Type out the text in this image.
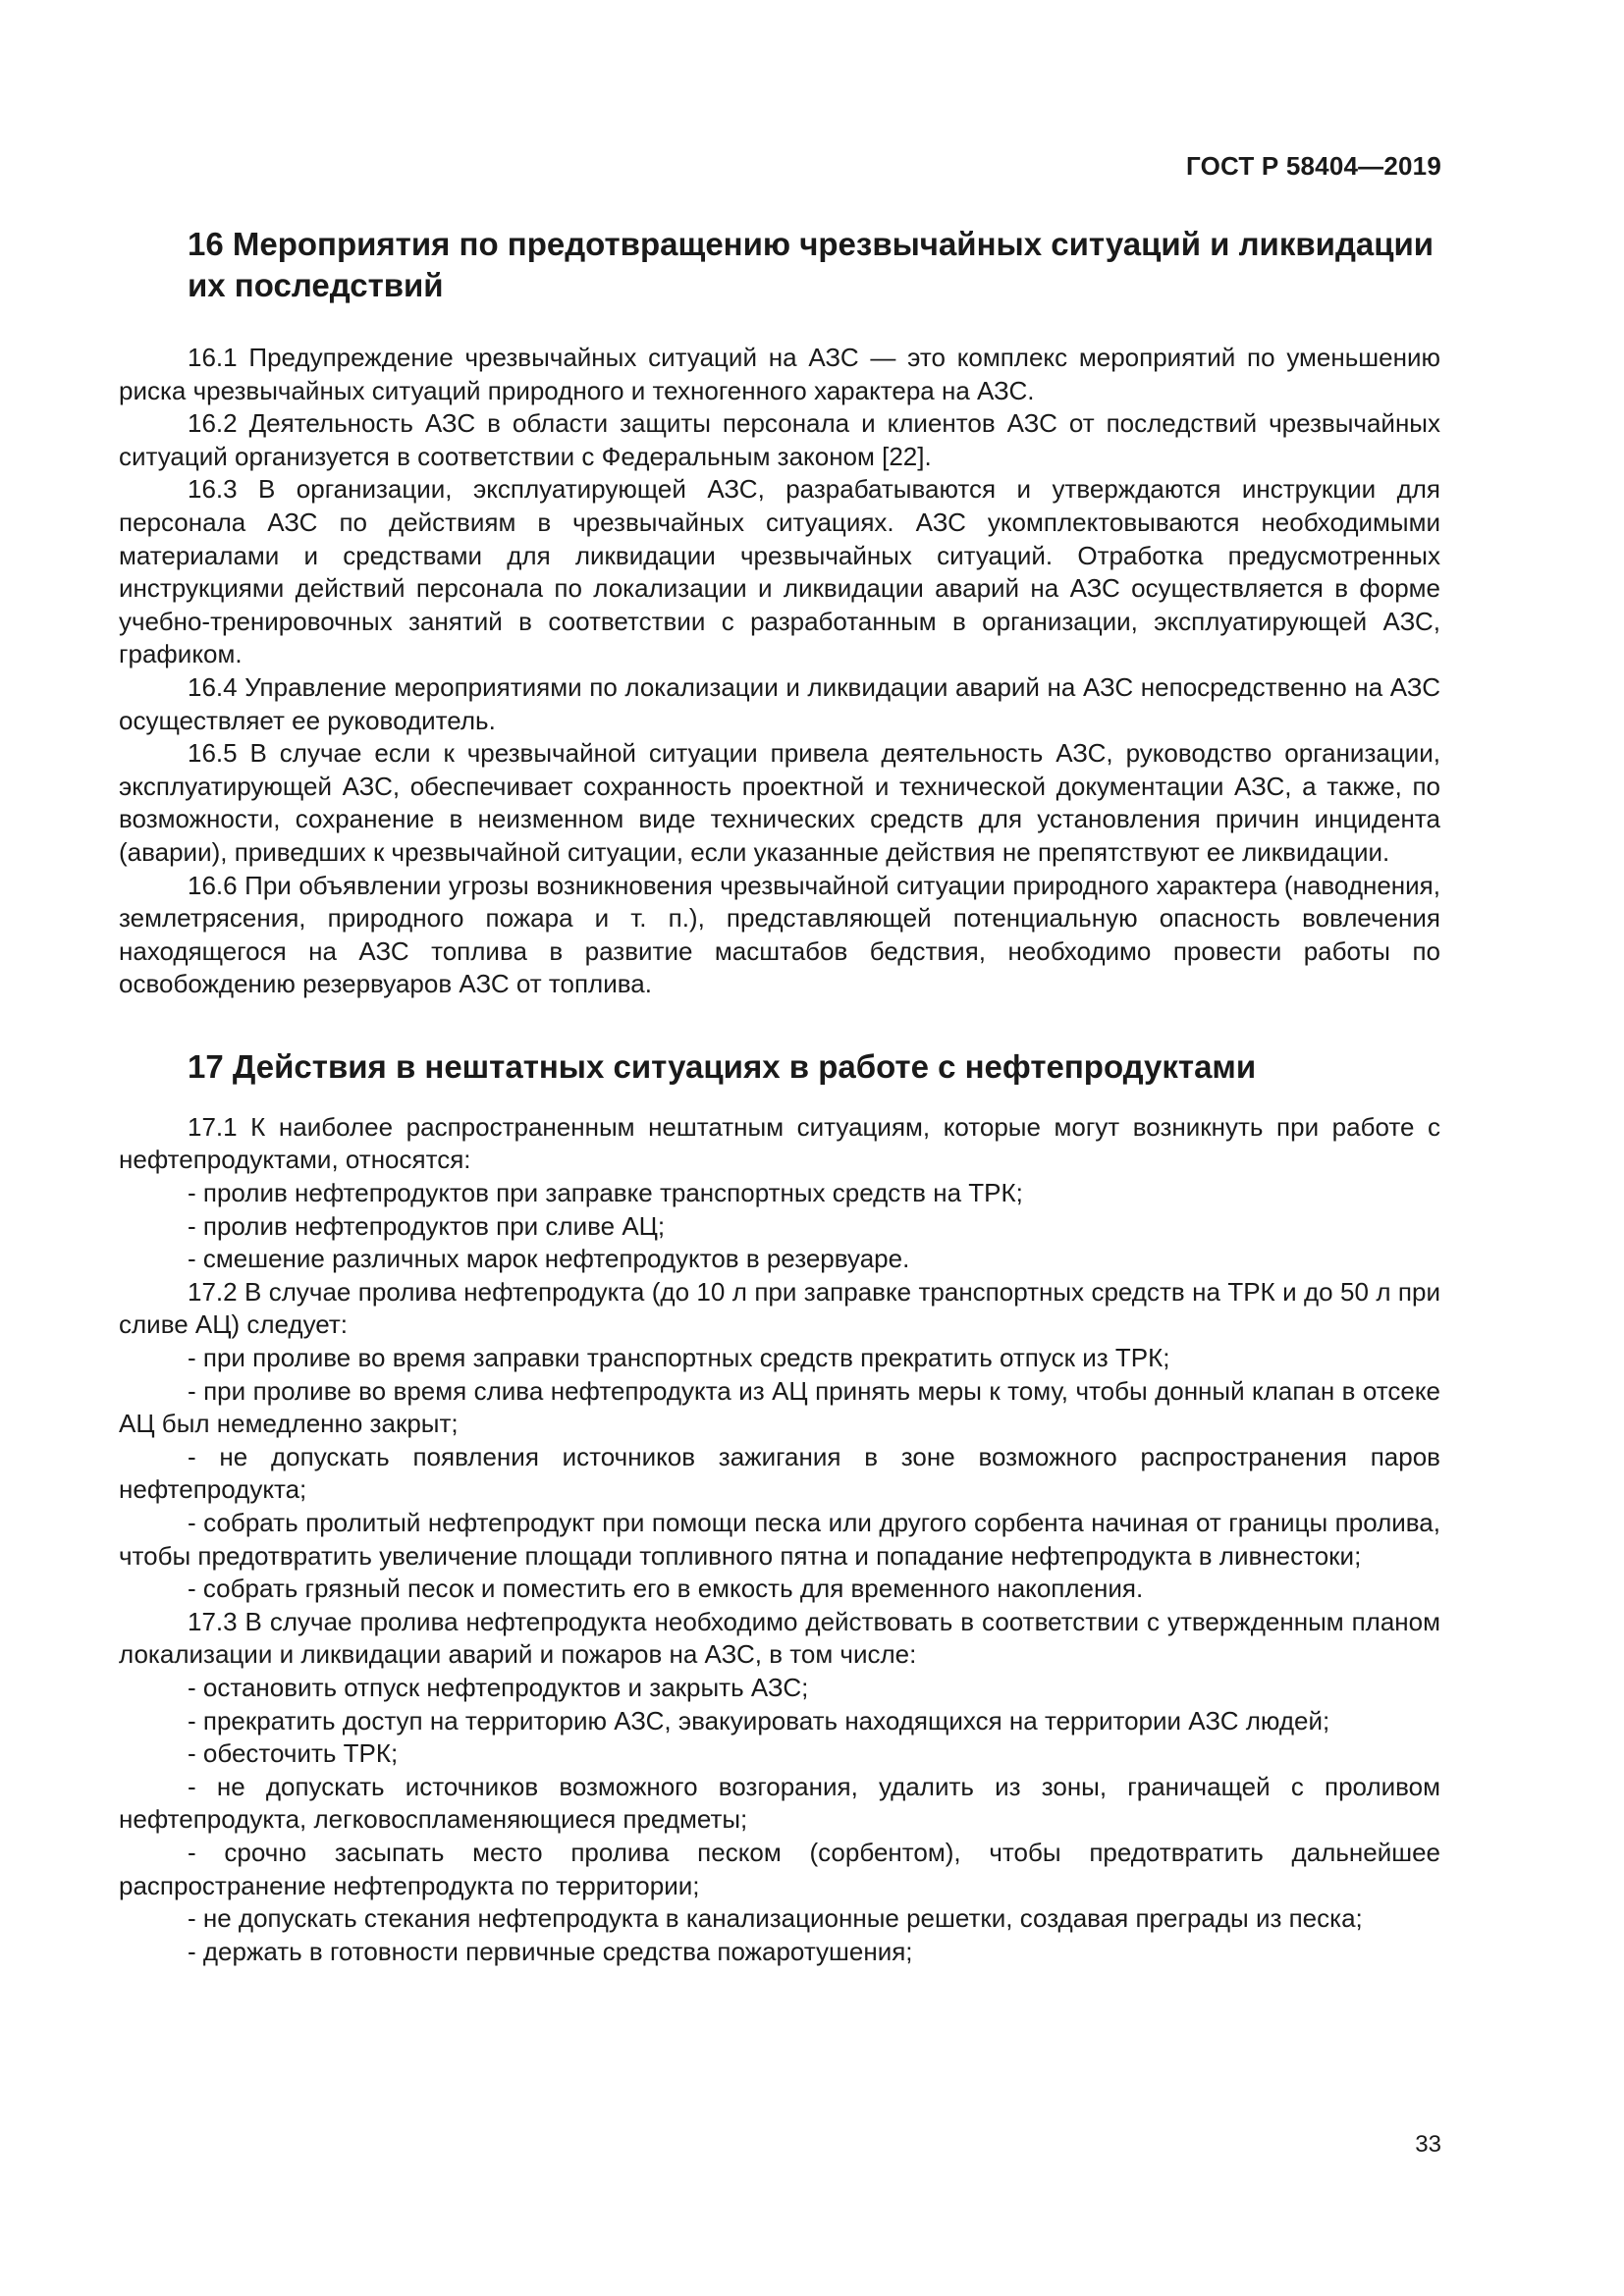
ГОСТ Р 58404—2019
16 Мероприятия по предотвращению чрезвычайных ситуаций и ликвидации их последствий

16.1 Предупреждение чрезвычайных ситуаций на АЗС — это комплекс мероприятий по уменьшению риска чрезвычайных ситуаций природного и техногенного характера на АЗС.

16.2 Деятельность АЗС в области защиты персонала и клиентов АЗС от последствий чрезвычайных ситуаций организуется в соответствии с Федеральным законом [22].

16.3 В организации, эксплуатирующей АЗС, разрабатываются и утверждаются инструкции для персонала АЗС по действиям в чрезвычайных ситуациях. АЗС укомплектовываются необходимыми материалами и средствами для ликвидации чрезвычайных ситуаций. Отработка предусмотренных инструкциями действий персонала по локализации и ликвидации аварий на АЗС осуществляется в форме учебно-тренировочных занятий в соответствии с разработанным в организации, эксплуатирующей АЗС, графиком.

16.4 Управление мероприятиями по локализации и ликвидации аварий на АЗС непосредственно на АЗС осуществляет ее руководитель.

16.5 В случае если к чрезвычайной ситуации привела деятельность АЗС, руководство организации, эксплуатирующей АЗС, обеспечивает сохранность проектной и технической документации АЗС, а также, по возможности, сохранение в неизменном виде технических средств для установления причин инцидента (аварии), приведших к чрезвычайной ситуации, если указанные действия не препятствуют ее ликвидации.

16.6 При объявлении угрозы возникновения чрезвычайной ситуации природного характера (наводнения, землетрясения, природного пожара и т. п.), представляющей потенциальную опасность вовлечения находящегося на АЗС топлива в развитие масштабов бедствия, необходимо провести работы по освобождению резервуаров АЗС от топлива.

17 Действия в нештатных ситуациях в работе с нефтепродуктами

17.1 К наиболее распространенным нештатным ситуациям, которые могут возникнуть при работе с нефтепродуктами, относятся:

- пролив нефтепродуктов при заправке транспортных средств на ТРК;

- пролив нефтепродуктов при сливе АЦ;

- смешение различных марок нефтепродуктов в резервуаре.

17.2 В случае пролива нефтепродукта (до 10 л при заправке транспортных средств на ТРК и до 50 л при сливе АЦ) следует:

- при проливе во время заправки транспортных средств прекратить отпуск из ТРК;

- при проливе во время слива нефтепродукта из АЦ принять меры к тому, чтобы донный клапан в отсеке АЦ был немедленно закрыт;

- не допускать появления источников зажигания в зоне возможного распространения паров нефтепродукта;

- собрать пролитый нефтепродукт при помощи песка или другого сорбента начиная от границы пролива, чтобы предотвратить увеличение площади топливного пятна и попадание нефтепродукта в ливнестоки;

- собрать грязный песок и поместить его в емкость для временного накопления.

17.3 В случае пролива нефтепродукта необходимо действовать в соответствии с утвержденным планом локализации и ликвидации аварий и пожаров на АЗС, в том числе:

- остановить отпуск нефтепродуктов и закрыть АЗС;

- прекратить доступ на территорию АЗС, эвакуировать находящихся на территории АЗС людей;

- обесточить ТРК;

- не допускать источников возможного возгорания, удалить из зоны, граничащей с проливом нефтепродукта, легковоспламеняющиеся предметы;

- срочно засыпать место пролива песком (сорбентом), чтобы предотвратить дальнейшее распространение нефтепродукта по территории;

- не допускать стекания нефтепродукта в канализационные решетки, создавая преграды из песка;

- держать в готовности первичные средства пожаротушения;

33
